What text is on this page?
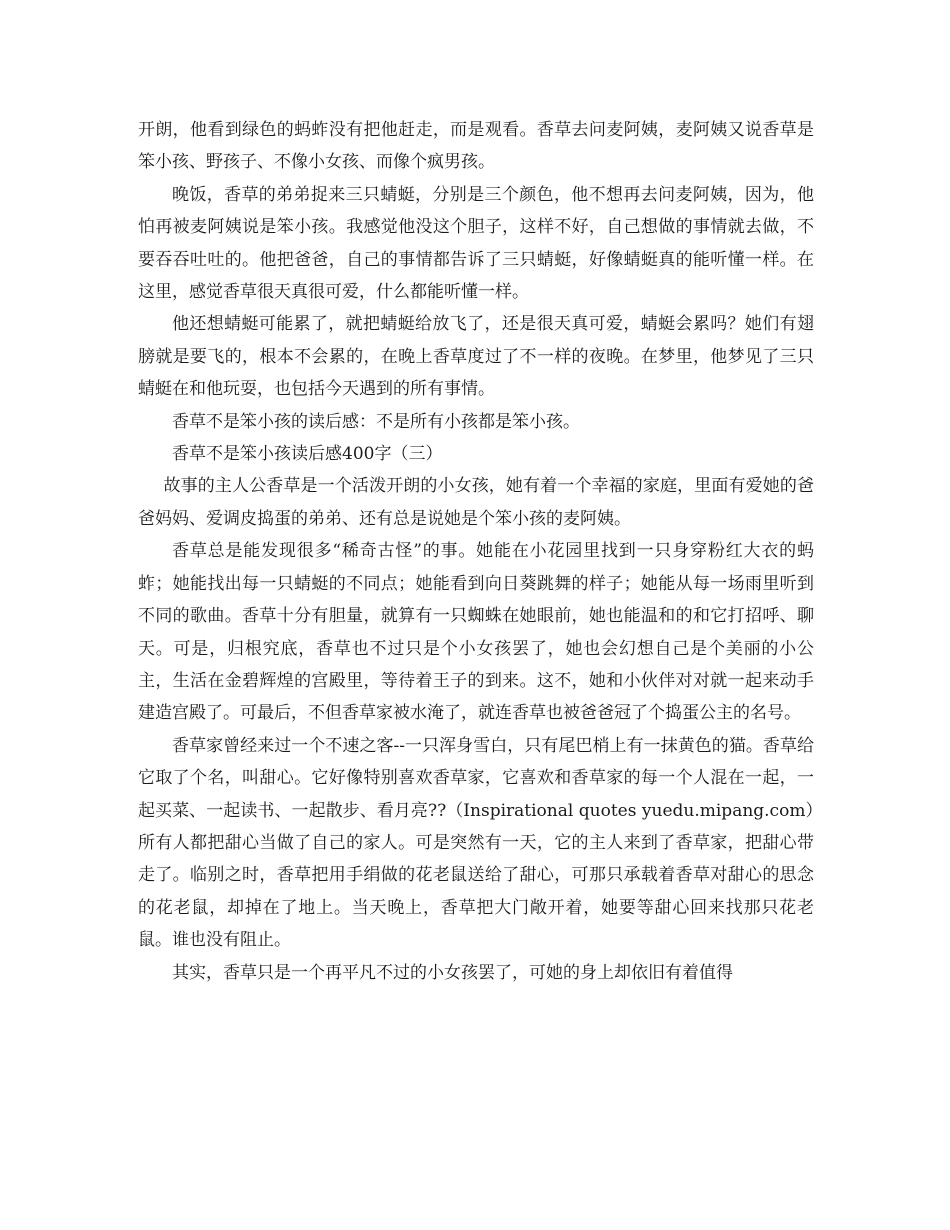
开朗，他看到绿色的蚂蚱没有把他赶走，而是观看。香草去问麦阿姨，麦阿姨又说香草是笨小孩、野孩子、不像小女孩、而像个疯男孩。

晚饭，香草的弟弟捉来三只蜻蜓，分别是三个颜色，他不想再去问麦阿姨，因为，他怕再被麦阿姨说是笨小孩。我感觉他没这个胆子，这样不好，自己想做的事情就去做，不要吞吞吐吐的。他把爸爸，自己的事情都告诉了三只蜻蜓，好像蜻蜓真的能听懂一样。在这里，感觉香草很天真很可爱，什么都能听懂一样。

他还想蜻蜓可能累了，就把蜻蜓给放飞了，还是很天真可爱，蜻蜓会累吗？她们有翅膀就是要飞的，根本不会累的，在晚上香草度过了不一样的夜晚。在梦里，他梦见了三只蜻蜓在和他玩耍，也包括今天遇到的所有事情。

香草不是笨小孩的读后感：不是所有小孩都是笨小孩。

香草不是笨小孩读后感400字（三）

故事的主人公香草是一个活泼开朗的小女孩，她有着一个幸福的家庭，里面有爱她的爸爸妈妈、爱调皮捣蛋的弟弟、还有总是说她是个笨小孩的麦阿姨。

香草总是能发现很多“稀奇古怪”的事。她能在小花园里找到一只身穿粉红大衣的蚂蚱；她能找出每一只蜻蜓的不同点；她能看到向日葵跳舞的样子；她能从每一场雨里听到不同的歌曲。香草十分有胆量，就算有一只蜘蛛在她眼前，她也能温和的和它打招呼、聊天。可是，归根究底，香草也不过只是个小女孩罢了，她也会幻想自己是个美丽的小公主，生活在金碧辉煌的宫殿里，等待着王子的到来。这不，她和小伙伴对对就一起来动手建造宫殿了。可最后，不但香草家被水淹了，就连香草也被爸爸冠了个捣蛋公主的名号。

香草家曾经来过一个不速之客--一只浑身雪白，只有尾巴梢上有一抹黄色的猫。香草给它取了个名，叫甜心。它好像特别喜欢香草家，它喜欢和香草家的每一个人混在一起，一起买菜、一起读书、一起散步、看月亮??（Inspirational quotes yuedu.mipang.com）所有人都把甜心当做了自己的家人。可是突然有一天，它的主人来到了香草家，把甜心带走了。临别之时，香草把用手绢做的花老鼠送给了甜心，可那只承载着香草对甜心的思念的花老鼠，却掉在了地上。当天晚上，香草把大门敞开着，她要等甜心回来找那只花老鼠。谁也没有阻止。

其实，香草只是一个再平凡不过的小女孩罢了，可她的身上却依旧有着值得
